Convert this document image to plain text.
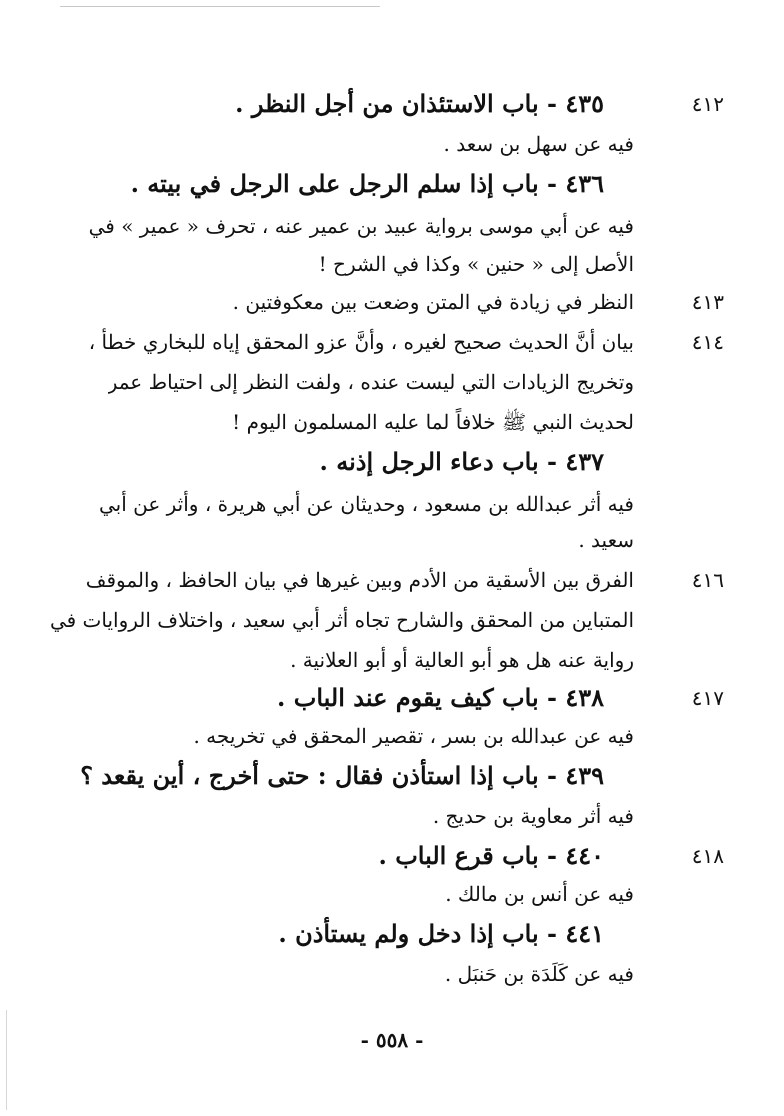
٤١٢
٤٣٥ - باب الاستئذان من أجل النظر .
فيه عن سهل بن سعد .
٤٣٦ - باب إذا سلم الرجل على الرجل في بيته .
فيه عن أبي موسى برواية عبيد بن عمير عنه ، تحرف « عمير » في
الأصل إلى « حنين » وكذا في الشرح !
٤١٣
النظر في زيادة في المتن وضعت بين معكوفتين .
٤١٤
بيان أنَّ الحديث صحيح لغيره ، وأنَّ عزو المحقق إياه للبخاري خطأ ،
وتخريج الزيادات التي ليست عنده ، ولفت النظر إلى احتياط عمر
لحديث النبي ﷺ خلافاً لما عليه المسلمون اليوم !
٤٣٧ - باب دعاء الرجل إذنه .
فيه أثر عبدالله بن مسعود ، وحديثان عن أبي هريرة ، وأثر عن أبي
سعيد .
٤١٦
الفرق بين الأسقية من الأدم وبين غيرها في بيان الحافظ ، والموقف
المتباين من المحقق والشارح تجاه أثر أبي سعيد ، واختلاف الروايات في
رواية عنه هل هو أبو العالية أو أبو العلانية .
٤١٧
٤٣٨ - باب كيف يقوم عند الباب .
فيه عن عبدالله بن بسر ، تقصير المحقق في تخريجه .
٤٣٩ - باب إذا استأذن فقال : حتى أخرج ، أين يقعد ؟
فيه أثر معاوية بن حديج .
٤١٨
٤٤٠ - باب قرع الباب .
فيه عن أنس بن مالك .
٤٤١ - باب إذا دخل ولم يستأذن .
فيه عن كَلَدَة بن حَنبَل .
- ٥٥٨ -
